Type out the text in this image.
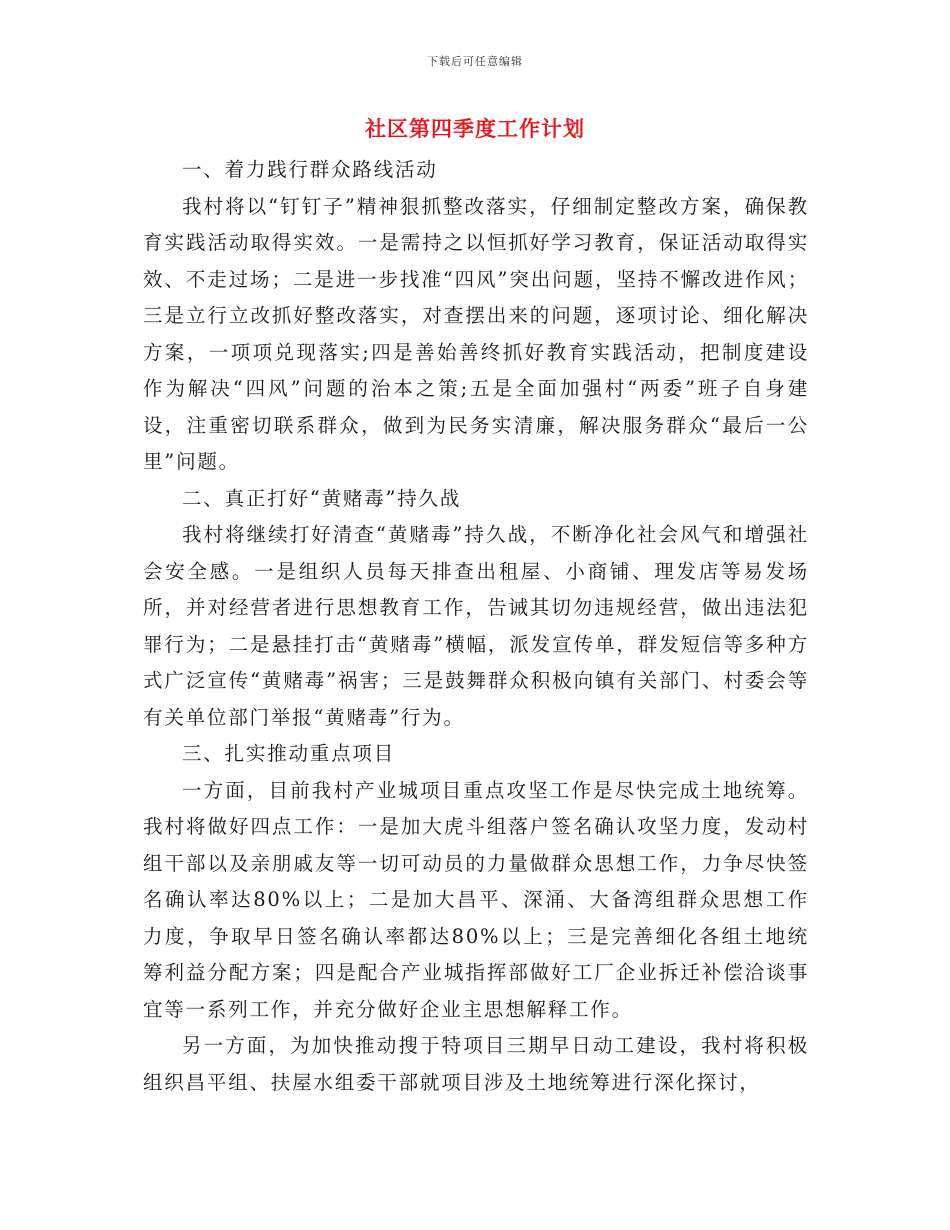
下载后可任意编辑
社区第四季度工作计划

一、着力践行群众路线活动

我村将以“钉钉子”精神狠抓整改落实，仔细制定整改方案，确保教育实践活动取得实效。一是需持之以恒抓好学习教育，保证活动取得实效、不走过场；二是进一步找准“四风”突出问题，坚持不懈改进作风；三是立行立改抓好整改落实，对查摆出来的问题，逐项讨论、细化解决方案，一项项兑现落实;四是善始善终抓好教育实践活动，把制度建设作为解决“四风”问题的治本之策;五是全面加强村“两委”班子自身建设，注重密切联系群众，做到为民务实清廉，解决服务群众“最后一公里”问题。

二、真正打好“黄赌毒”持久战

我村将继续打好清查“黄赌毒”持久战，不断净化社会风气和增强社会安全感。一是组织人员每天排查出租屋、小商铺、理发店等易发场所，并对经营者进行思想教育工作，告诫其切勿违规经营，做出违法犯罪行为；二是悬挂打击“黄赌毒”横幅，派发宣传单，群发短信等多种方式广泛宣传“黄赌毒”祸害；三是鼓舞群众积极向镇有关部门、村委会等有关单位部门举报“黄赌毒”行为。

三、扎实推动重点项目

一方面，目前我村产业城项目重点攻坚工作是尽快完成土地统筹。我村将做好四点工作：一是加大虎斗组落户签名确认攻坚力度，发动村组干部以及亲朋戚友等一切可动员的力量做群众思想工作，力争尽快签名确认率达80%以上；二是加大昌平、深涌、大备湾组群众思想工作力度，争取早日签名确认率都达80%以上；三是完善细化各组土地统筹利益分配方案；四是配合产业城指挥部做好工厂企业拆迁补偿洽谈事宜等一系列工作，并充分做好企业主思想解释工作。

另一方面，为加快推动搜于特项目三期早日动工建设，我村将积极组织昌平组、扶屋水组委干部就项目涉及土地统筹进行深化探讨，
